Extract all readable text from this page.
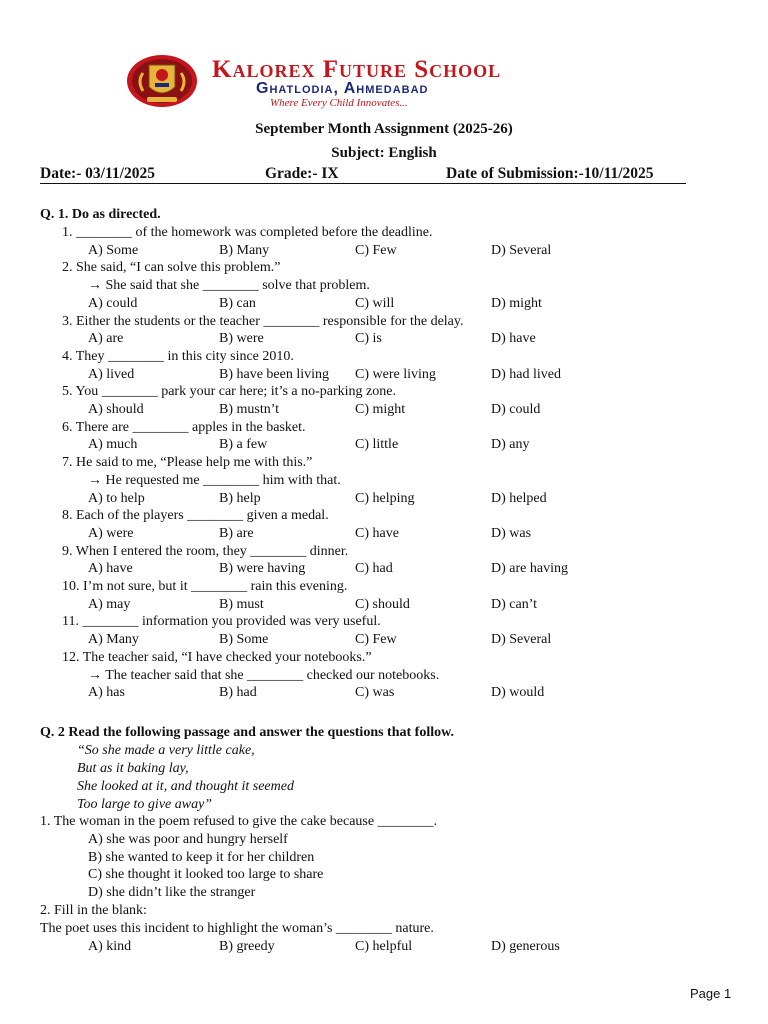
Kalorex Future School
Ghatlodia, Ahmedabad
Where Every Child Innovates...
September Month Assignment (2025-26)
Subject: English
Date:- 03/11/2025	Grade:- IX	Date of Submission:-10/11/2025
Q. 1. Do as directed.
1. ________ of the homework was completed before the deadline.
A) Some	B) Many	C) Few	D) Several
2. She said, “I can solve this problem.”
→ She said that she ________ solve that problem.
A) could	B) can	C) will	D) might
3. Either the students or the teacher ________ responsible for the delay.
A) are	B) were	C) is	D) have
4. They ________ in this city since 2010.
A) lived	B) have been living C) were living	D) had lived
5. You ________ park your car here; it’s a no-parking zone.
A) should	B) mustn’t	C) might	D) could
6. There are ________ apples in the basket.
A) much	B) a few	C) little	D) any
7. He said to me, “Please help me with this.”
→ He requested me ________ him with that.
A) to help	B) help	C) helping	D) helped
8. Each of the players ________ given a medal.
A) were	B) are	C) have	D) was
9. When I entered the room, they ________ dinner.
A) have	B) were having	C) had	D) are having
10. I’m not sure, but it ________ rain this evening.
A) may	B) must	C) should	D) can’t
11. ________ information you provided was very useful.
A) Many	B) Some	C) Few	D) Several
12. The teacher said, “I have checked your notebooks.”
→ The teacher said that she ________ checked our notebooks.
A) has	B) had	C) was	D) would
Q. 2 Read the following passage and answer the questions that follow.
“So she made a very little cake,
But as it baking lay,
She looked at it, and thought it seemed
Too large to give away”
1. The woman in the poem refused to give the cake because ________.
A) she was poor and hungry herself
B) she wanted to keep it for her children
C) she thought it looked too large to share
D) she didn’t like the stranger
2. Fill in the blank:
The poet uses this incident to highlight the woman’s ________ nature.
A) kind	B) greedy	C) helpful	D) generous
Page 1
